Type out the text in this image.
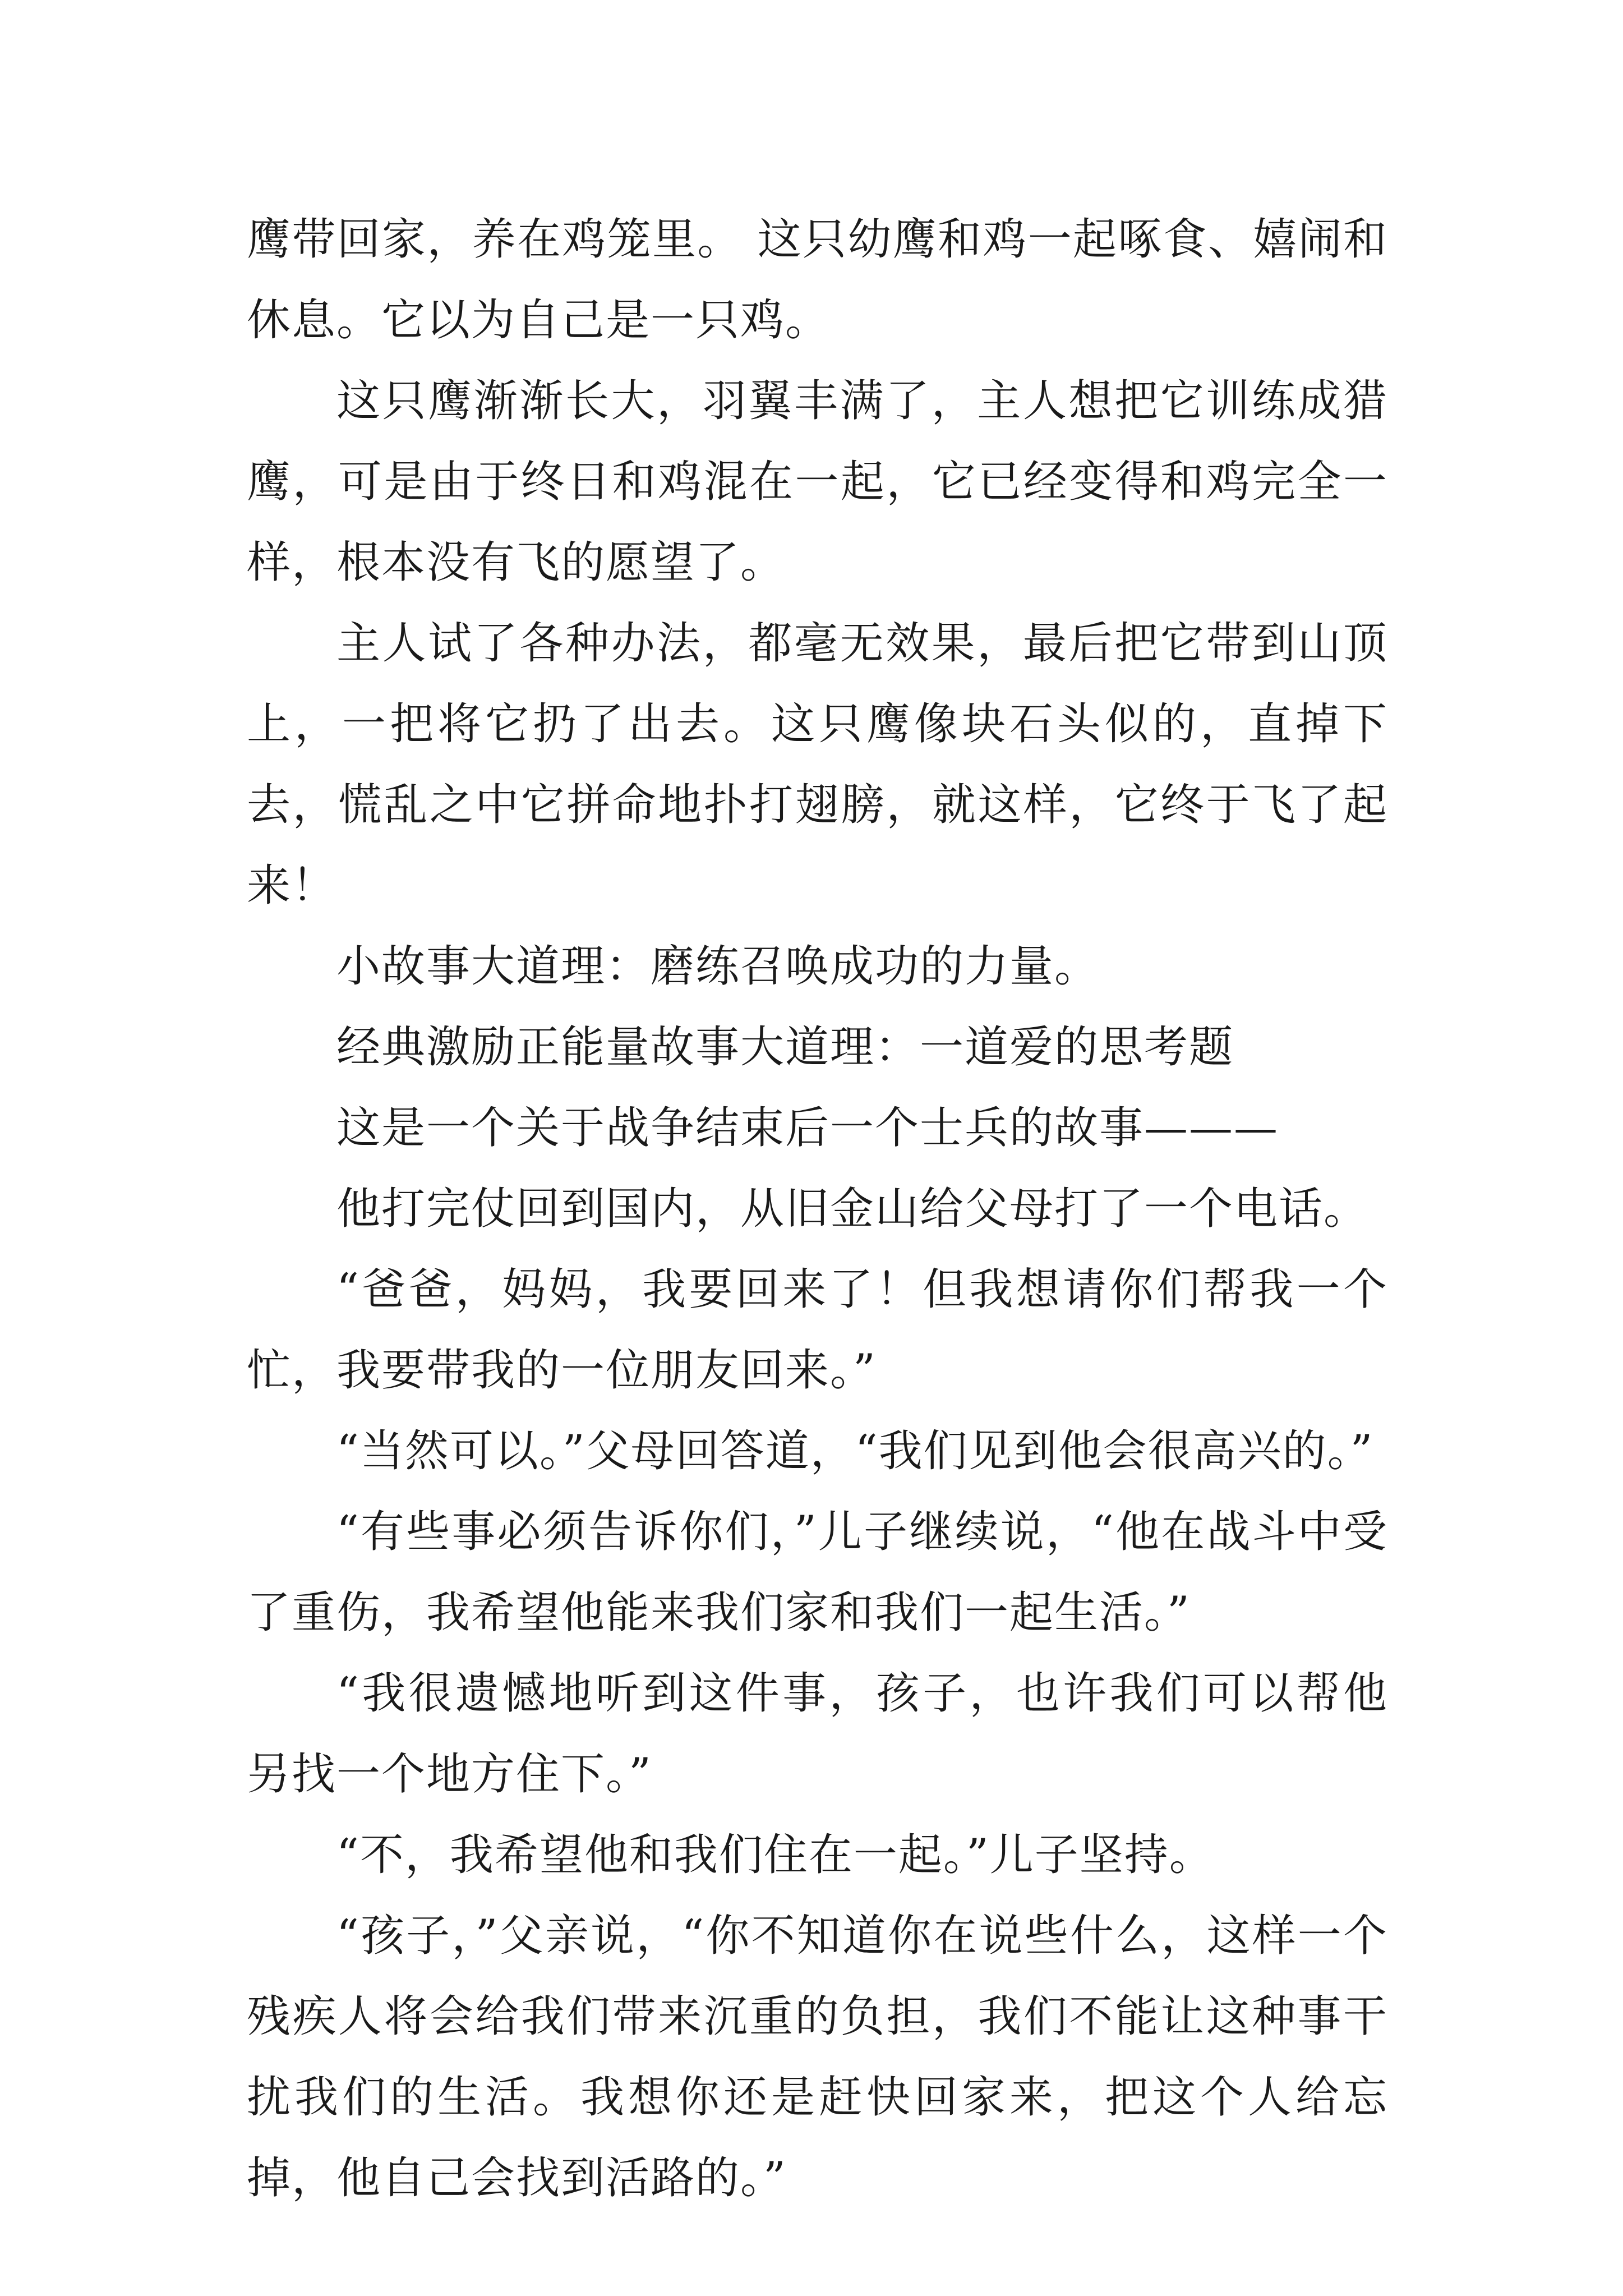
鹰带回家，养在鸡笼里。 这只幼鹰和鸡一起啄食、嬉闹和休息。它以为自己是一只鸡。

这只鹰渐渐长大，羽翼丰满了，主人想把它训练成猎鹰，可是由于终日和鸡混在一起，它已经变得和鸡完全一样，根本没有飞的愿望了。

主人试了各种办法，都毫无效果，最后把它带到山顶上，一把将它扔了出去。这只鹰像块石头似的，直掉下去，慌乱之中它拼命地扑打翅膀，就这样，它终于飞了起来！

小故事大道理：磨练召唤成功的力量。

经典激励正能量故事大道理：一道爱的思考题

这是一个关于战争结束后一个士兵的故事———

他打完仗回到国内，从旧金山给父母打了一个电话。

“爸爸，妈妈，我要回来了！但我想请你们帮我一个忙，我要带我的一位朋友回来。”

“当然可以。”父母回答道，“我们见到他会很高兴的。”

“有些事必须告诉你们，”儿子继续说，“他在战斗中受了重伤，我希望他能来我们家和我们一起生活。”

“我很遗憾地听到这件事，孩子，也许我们可以帮他另找一个地方住下。”

“不，我希望他和我们住在一起。”儿子坚持。

“孩子，”父亲说，“你不知道你在说些什么，这样一个残疾人将会给我们带来沉重的负担，我们不能让这种事干扰我们的生活。我想你还是赶快回家来，把这个人给忘掉，他自己会找到活路的。”
